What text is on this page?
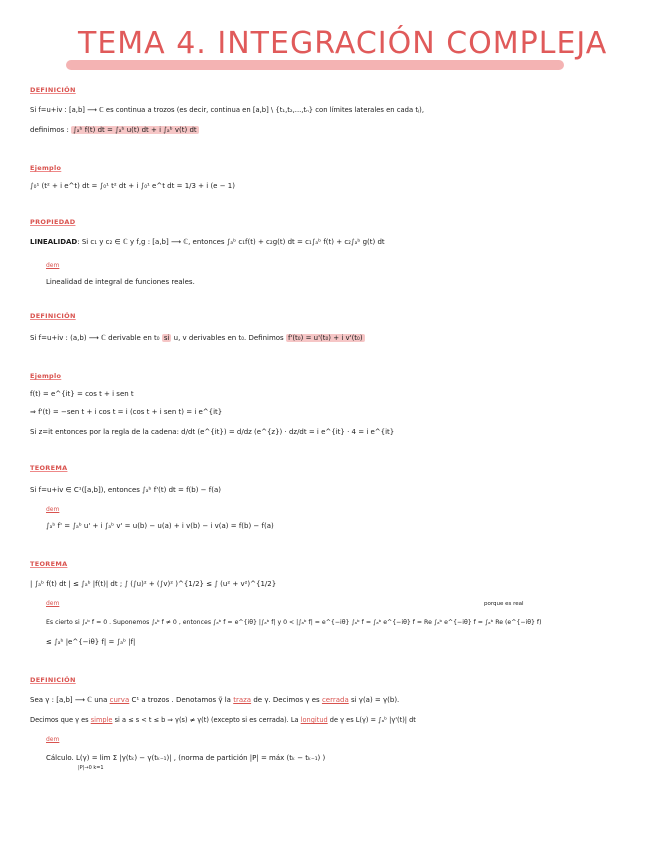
TEMA 4. INTEGRACIÓN COMPLEJA
DEFINICIÓN
Si f=u+iv : [a,b] ⟶ ℂ es continua a trozos (es decir, continua en [a,b] \ {t₁,t₂,...,tₙ} con límites laterales en cada tⱼ),
definimos : ∫ₐᵇ f(t) dt = ∫ₐᵇ u(t) dt + i ∫ₐᵇ v(t) dt
Ejemplo
∫₀¹ (t² + i e^t) dt = ∫₀¹ t² dt + i ∫₀¹ e^t dt = 1/3 + i (e − 1)
PROPIEDAD
LINEALIDAD: Si c₁ y c₂ ∈ ℂ y f,g : [a,b] ⟶ ℂ, entonces ∫ₐᵇ c₁f(t) + c₂g(t) dt = c₁∫ₐᵇ f(t) + c₂∫ₐᵇ g(t) dt
dem
Linealidad de integral de funciones reales.
DEFINICIÓN
Si f=u+iv : (a,b) ⟶ ℂ derivable en t₀ si u, v derivables en t₀. Definimos f'(t₀) = u'(t₀) + i v'(t₀)
Ejemplo
f(t) = e^{it} = cos t + i sen t
⇒ f'(t) = −sen t + i cos t = i (cos t + i sen t) = i e^{it}
Si z=it entonces por la regla de la cadena: d/dt (e^{it}) = d/dz (e^{z}) · dz/dt = i e^{it} · 4 = i e^{it}
TEOREMA
Si f=u+iv ∈ C¹([a,b]), entonces ∫ₐᵇ f'(t) dt = f(b) − f(a)
dem
∫ₐᵇ f' = ∫ₐᵇ u' + i ∫ₐᵇ v' = u(b) − u(a) + i v(b) − i v(a) = f(b) − f(a)
TEOREMA
| ∫ₐᵇ f(t) dt | ≤ ∫ₐᵇ |f(t)| dt ; ∫ (∫u)² + (∫v)² )^{1/2} ≤ ∫ (u² + v²)^{1/2}
dem	porque es real
Es cierto si ∫ₐᵇ f = 0 . Suponemos ∫ₐᵇ f ≠ 0 , entonces ∫ₐᵇ f = e^{iθ} |∫ₐᵇ f| y 0 < |∫ₐᵇ f| = e^{−iθ} ∫ₐᵇ f = ∫ₐᵇ e^{−iθ} f = Re ∫ₐᵇ e^{−iθ} f = ∫ₐᵇ Re (e^{−iθ} f)
≤ ∫ₐᵇ |e^{−iθ} f| = ∫ₐᵇ |f|
DEFINICIÓN
Sea γ : [a,b] ⟶ ℂ una curva C¹ a trozos . Denotamos γ̃ la traza de γ. Decimos γ es cerrada si γ(a) = γ(b).
Decimos que γ es simple si a ≤ s < t ≤ b ⇒ γ(s) ≠ γ(t) (excepto si es cerrada). La longitud de γ es L(γ) = ∫ₐᵇ |γ'(t)| dt
dem
Cálculo. L(γ) = lim Σ |γ(tₖ) − γ(tₖ₋₁)| , (norma de partición |P| = máx (tₖ − tₖ₋₁) )
|P|→0 k=1
